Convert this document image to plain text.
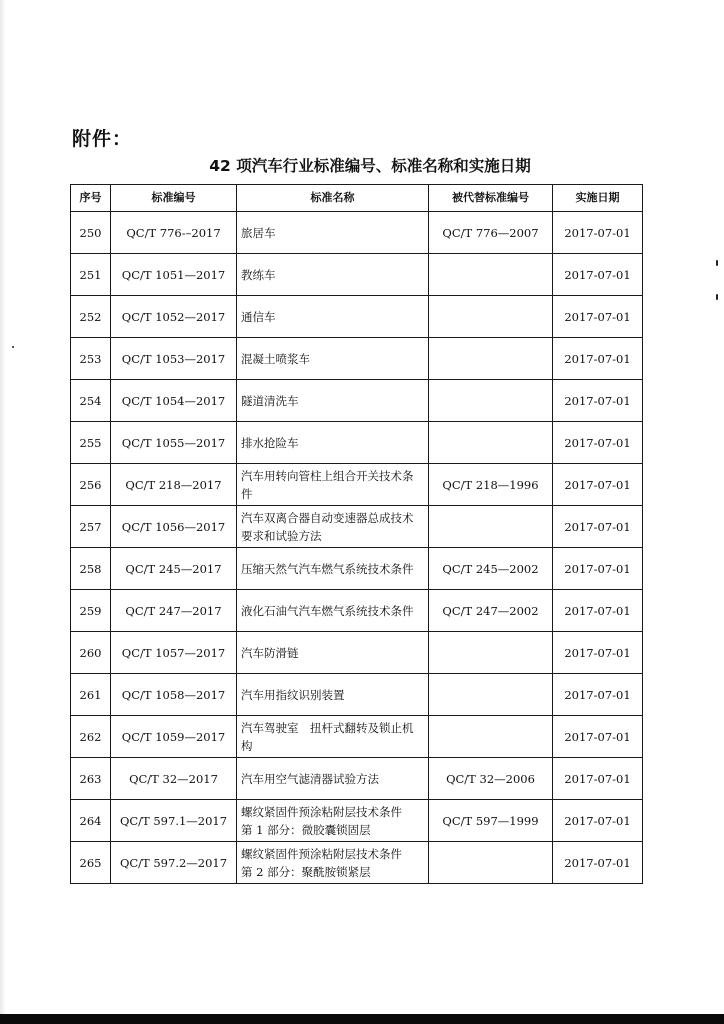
附件：
42 项汽车行业标准编号、标准名称和实施日期
序号	标准编号	标准名称	被代替标准编号	实施日期
250	QC/T 776-–2017	旅居车	QC/T 776—2007	2017-07-01
251	QC/T 1051—2017	教练车		2017-07-01
252	QC/T 1052—2017	通信车		2017-07-01
253	QC/T 1053—2017	混凝土喷浆车		2017-07-01
254	QC/T 1054—2017	隧道清洗车		2017-07-01
255	QC/T 1055—2017	排水抢险车		2017-07-01
256	QC/T 218—2017	汽车用转向管柱上组合开关技术条件	QC/T 218—1996	2017-07-01
257	QC/T 1056—2017	汽车双离合器自动变速器总成技术要求和试验方法		2017-07-01
258	QC/T 245—2017	压缩天然气汽车燃气系统技术条件	QC/T 245—2002	2017-07-01
259	QC/T 247—2017	液化石油气汽车燃气系统技术条件	QC/T 247—2002	2017-07-01
260	QC/T 1057—2017	汽车防滑链		2017-07-01
261	QC/T 1058—2017	汽车用指纹识别装置		2017-07-01
262	QC/T 1059—2017	汽车驾驶室　扭杆式翻转及锁止机构		2017-07-01
263	QC/T 32—2017	汽车用空气滤清器试验方法	QC/T 32—2006	2017-07-01
264	QC/T 597.1—2017	螺纹紧固件预涂粘附层技术条件　第 1 部分：微胶囊锁固层	QC/T 597—1999	2017-07-01
265	QC/T 597.2—2017	螺纹紧固件预涂粘附层技术条件　第 2 部分：聚酰胺锁紧层		2017-07-01
